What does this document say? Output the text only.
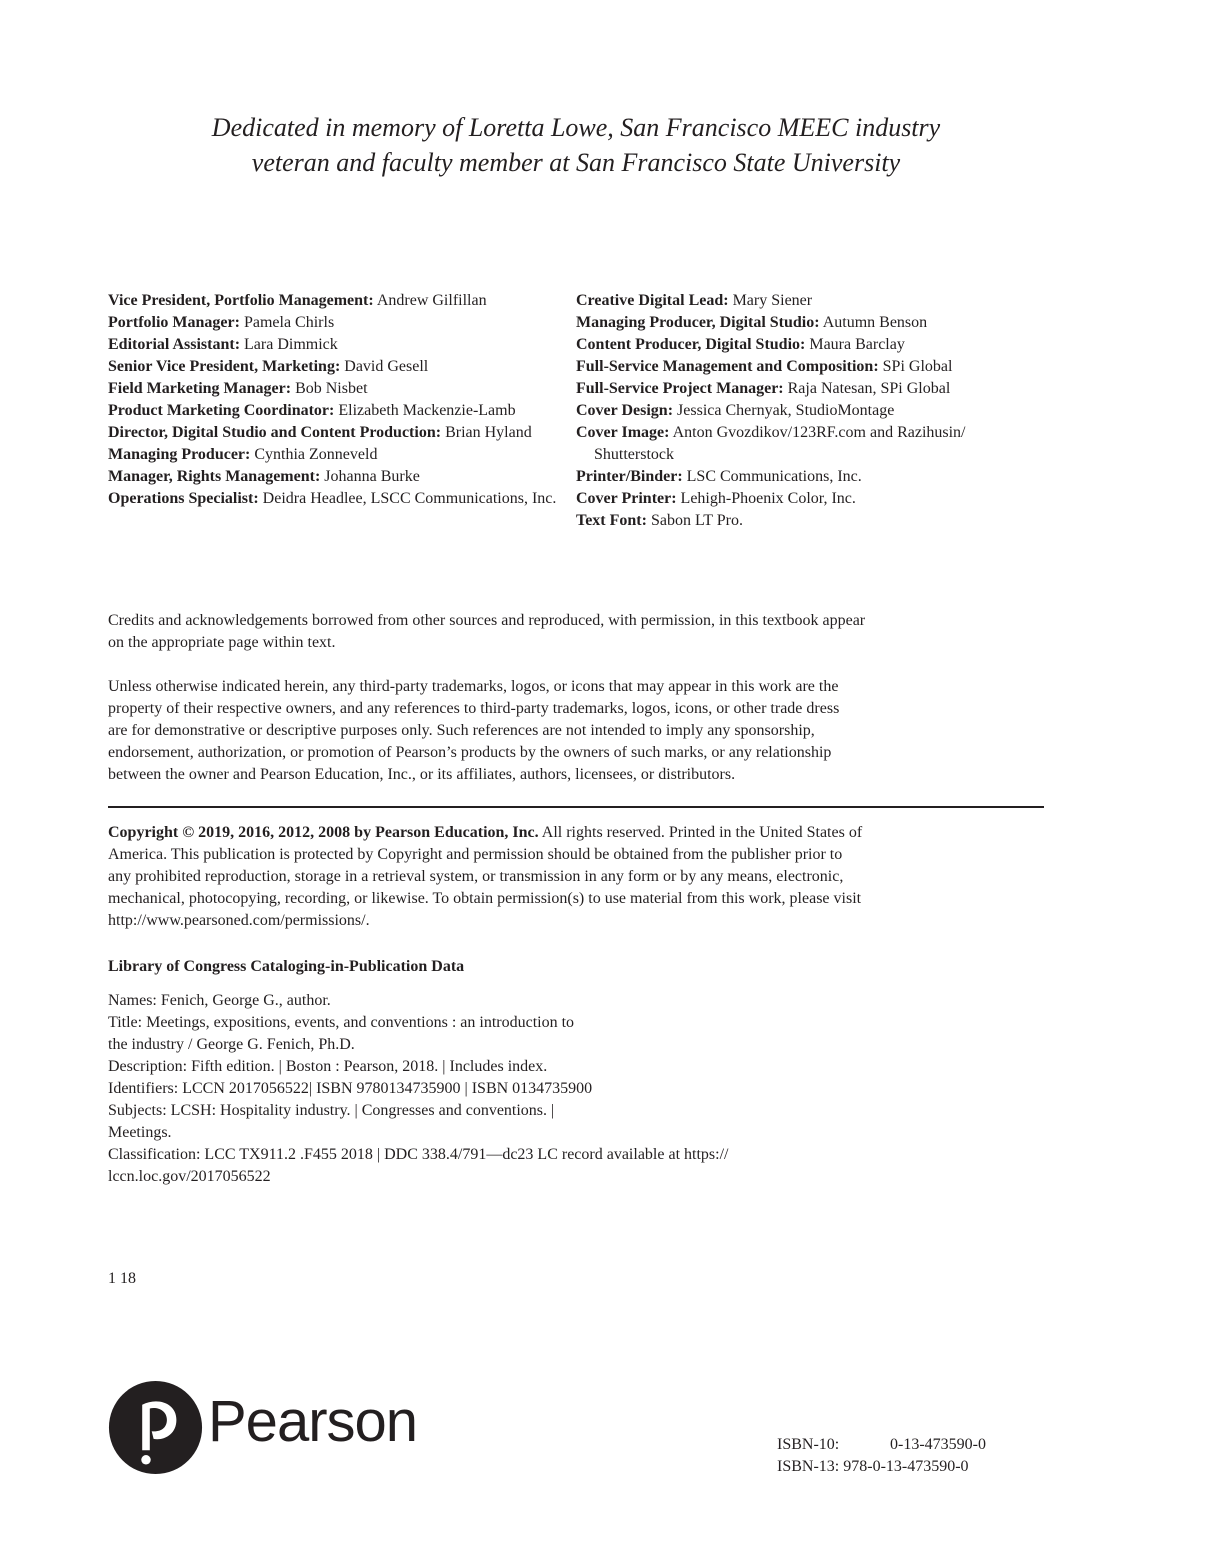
Dedicated in memory of Loretta Lowe, San Francisco MEEC industry
veteran and faculty member at San Francisco State University
Vice President, Portfolio Management: Andrew Gilfillan
Portfolio Manager: Pamela Chirls
Editorial Assistant: Lara Dimmick
Senior Vice President, Marketing: David Gesell
Field Marketing Manager: Bob Nisbet
Product Marketing Coordinator: Elizabeth Mackenzie-Lamb
Director, Digital Studio and Content Production: Brian Hyland
Managing Producer: Cynthia Zonneveld
Manager, Rights Management: Johanna Burke
Operations Specialist: Deidra Headlee, LSCC Communications, Inc.
Creative Digital Lead: Mary Siener
Managing Producer, Digital Studio: Autumn Benson
Content Producer, Digital Studio: Maura Barclay
Full-Service Management and Composition: SPi Global
Full-Service Project Manager: Raja Natesan, SPi Global
Cover Design: Jessica Chernyak, StudioMontage
Cover Image: Anton Gvozdikov/123RF.com and Razihusin/ Shutterstock
Printer/Binder: LSC Communications, Inc.
Cover Printer: Lehigh-Phoenix Color, Inc.
Text Font: Sabon LT Pro.
Credits and acknowledgements borrowed from other sources and reproduced, with permission, in this textbook appear
on the appropriate page within text.
Unless otherwise indicated herein, any third-party trademarks, logos, or icons that may appear in this work are the
property of their respective owners, and any references to third-party trademarks, logos, icons, or other trade dress
are for demonstrative or descriptive purposes only. Such references are not intended to imply any sponsorship,
endorsement, authorization, or promotion of Pearson’s products by the owners of such marks, or any relationship
between the owner and Pearson Education, Inc., or its affiliates, authors, licensees, or distributors.
Copyright © 2019, 2016, 2012, 2008 by Pearson Education, Inc. All rights reserved. Printed in the United States of
America. This publication is protected by Copyright and permission should be obtained from the publisher prior to
any prohibited reproduction, storage in a retrieval system, or transmission in any form or by any means, electronic,
mechanical, photocopying, recording, or likewise. To obtain permission(s) to use material from this work, please visit
http://www.pearsoned.com/permissions/.
Library of Congress Cataloging-in-Publication Data
Names: Fenich, George G., author.
Title: Meetings, expositions, events, and conventions : an introduction to
the industry / George G. Fenich, Ph.D.
Description: Fifth edition. | Boston : Pearson, 2018. | Includes index.
Identifiers: LCCN 2017056522| ISBN 9780134735900 | ISBN 0134735900
Subjects: LCSH: Hospitality industry. | Congresses and conventions. |
Meetings.
Classification: LCC TX911.2 .F455 2018 | DDC 338.4/791—dc23 LC record available at https://
lccn.loc.gov/2017056522
1 18
Pearson	ISBN-10:	0-13-473590-0
ISBN-13: 978-0-13-473590-0
